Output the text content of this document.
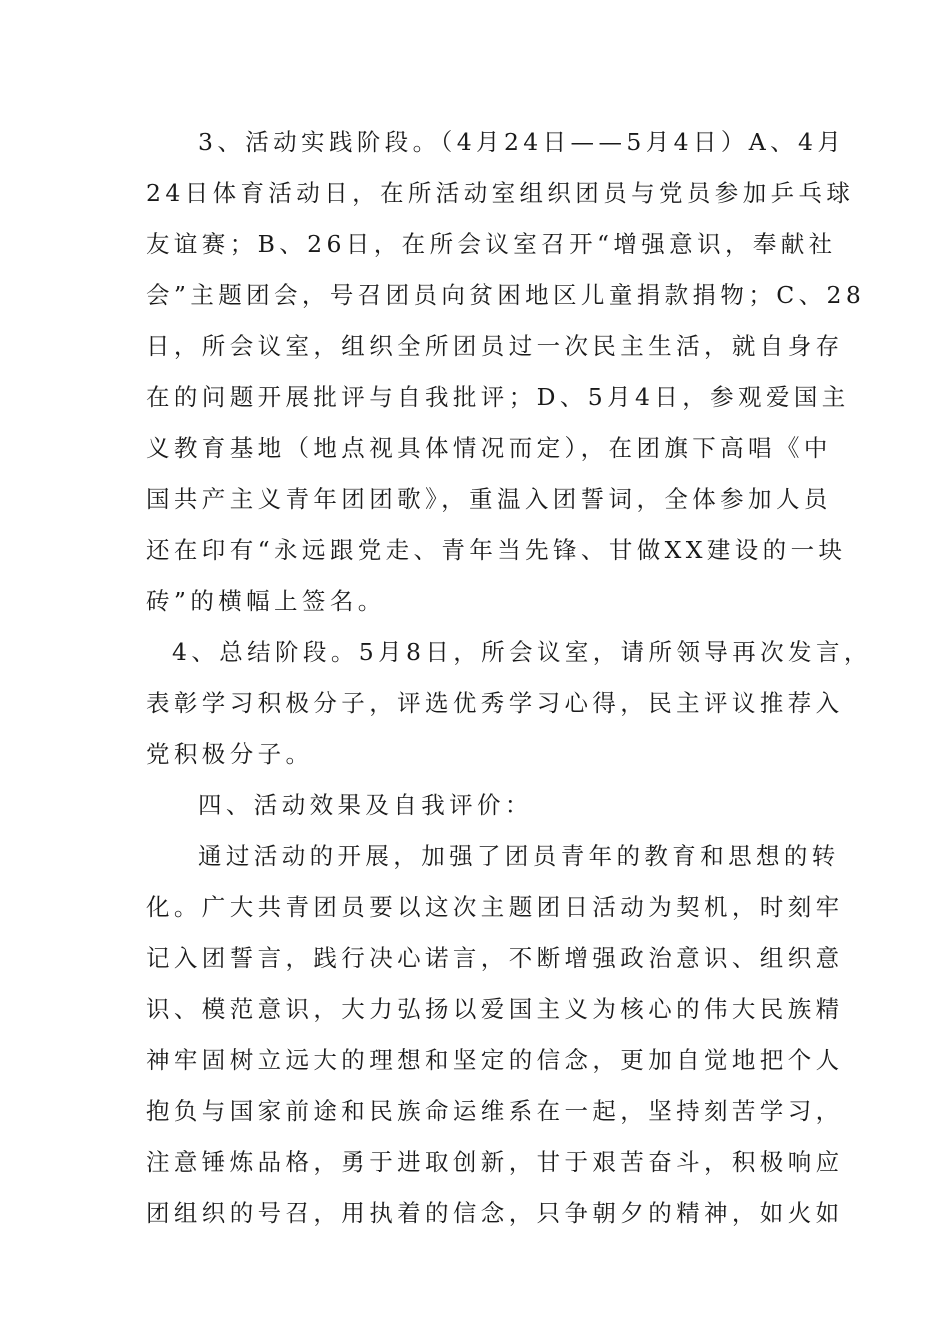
3、活动实践阶段。（4月24日——5月4日）A、4月
24日体育活动日，在所活动室组织团员与党员参加乒乓球
友谊赛；B、26日，在所会议室召开“增强意识，奉献社
会”主题团会，号召团员向贫困地区儿童捐款捐物；C、28
日，所会议室，组织全所团员过一次民主生活，就自身存
在的问题开展批评与自我批评；D、5月4日，参观爱国主
义教育基地（地点视具体情况而定），在团旗下高唱《中
国共产主义青年团团歌》，重温入团誓词，全体参加人员
还在印有“永远跟党走、青年当先锋、甘做XX建设的一块
砖”的横幅上签名。
4、总结阶段。5月8日，所会议室，请所领导再次发言，
表彰学习积极分子，评选优秀学习心得，民主评议推荐入
党积极分子。
四、活动效果及自我评价：
通过活动的开展，加强了团员青年的教育和思想的转
化。广大共青团员要以这次主题团日活动为契机，时刻牢
记入团誓言，践行决心诺言，不断增强政治意识、组织意
识、模范意识，大力弘扬以爱国主义为核心的伟大民族精
神牢固树立远大的理想和坚定的信念，更加自觉地把个人
抱负与国家前途和民族命运维系在一起，坚持刻苦学习，
注意锤炼品格，勇于进取创新，甘于艰苦奋斗，积极响应
团组织的号召，用执着的信念，只争朝夕的精神，如火如
